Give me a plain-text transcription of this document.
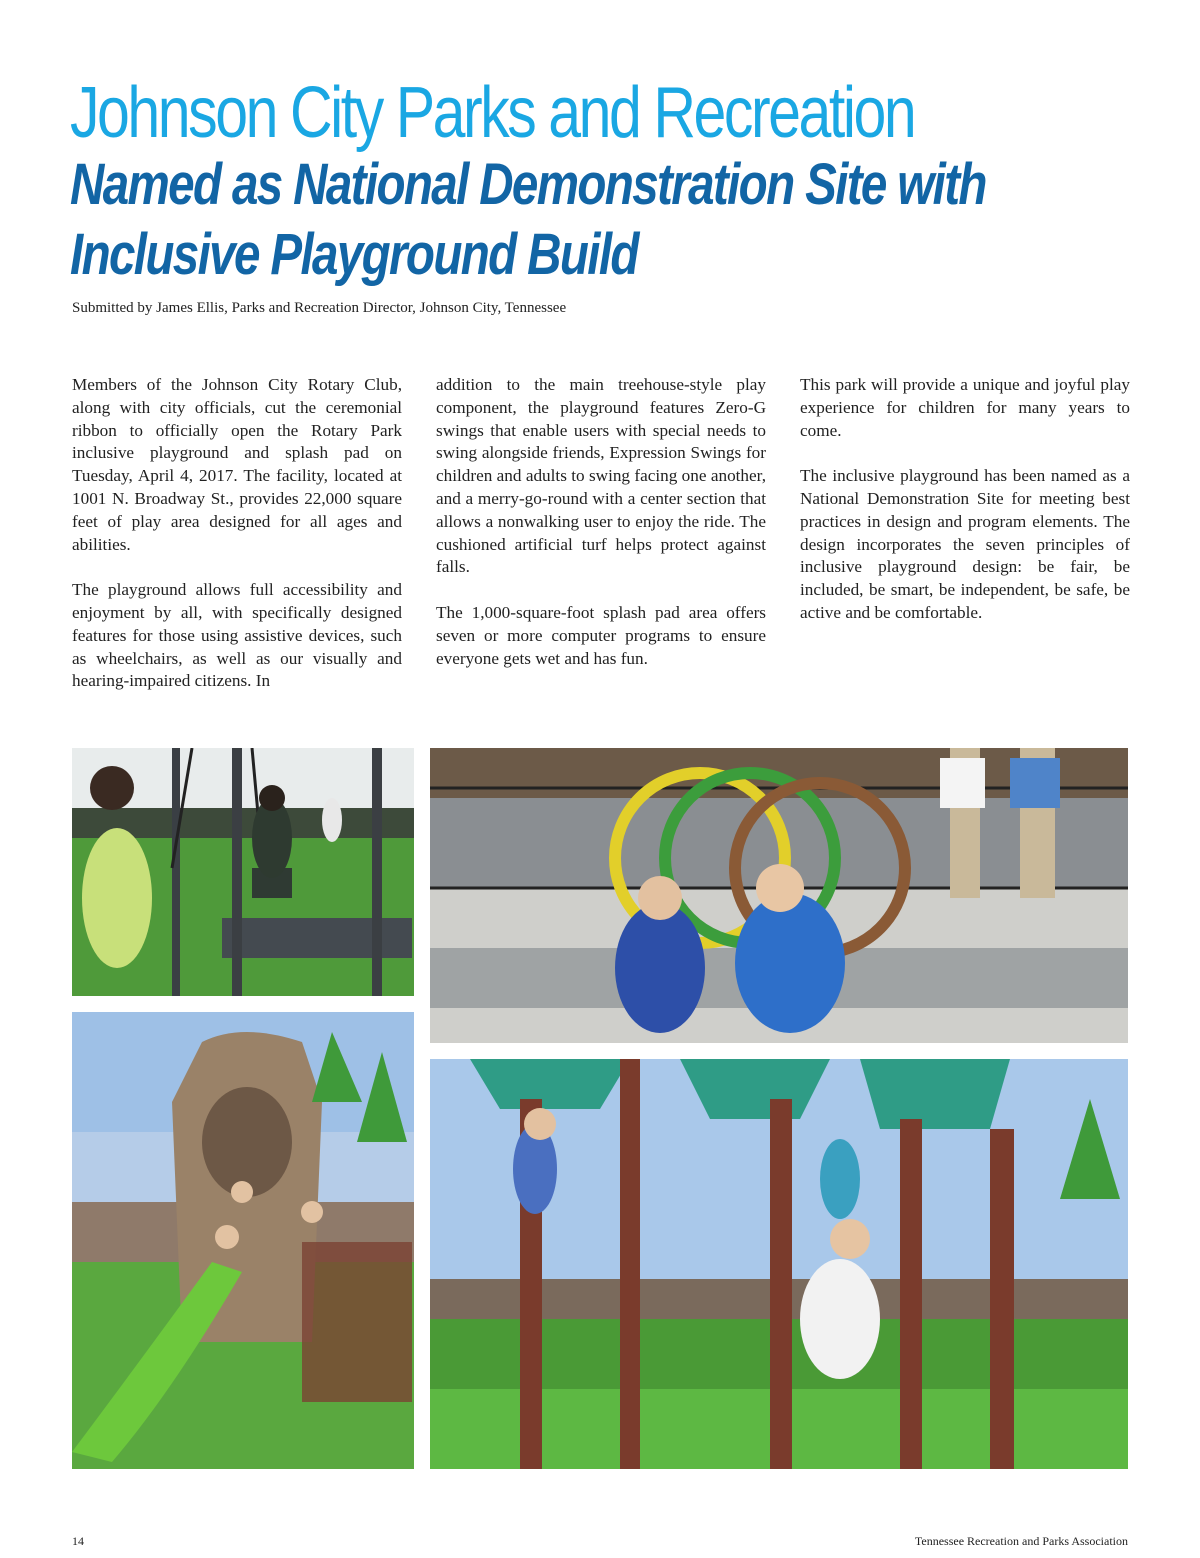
Johnson City Parks and Recreation
Named as National Demonstration Site with
Inclusive Playground Build
Submitted by James Ellis, Parks and Recreation Director, Johnson City, Tennessee

Members of the Johnson City Rotary Club, along with city officials, cut the ceremonial ribbon to officially open the Rotary Park inclusive playground and splash pad on Tuesday, April 4, 2017. The facility, located at 1001 N. Broadway St., provides 22,000 square feet of play area designed for all ages and abilities.

The playground allows full accessibility and enjoyment by all, with specifically designed features for those using assistive devices, such as wheelchairs, as well as our visually and hearing-impaired citizens. In

addition to the main treehouse-style play component, the playground features Zero-G swings that enable users with special needs to swing alongside friends, Expression Swings for children and adults to swing facing one another, and a merry-go-round with a center section that allows a nonwalking user to enjoy the ride. The cushioned artificial turf helps protect against falls.

The 1,000-square-foot splash pad area offers seven or more computer programs to ensure everyone gets wet and has fun.

This park will provide a unique and joyful play experience for children for many years to come.

The inclusive playground has been named as a National Demonstration Site for meeting best practices in design and program elements. The design incorporates the seven principles of inclusive playground design: be fair, be included, be smart, be independent, be safe, be active and be comfortable.

14	Tennessee Recreation and Parks Association
